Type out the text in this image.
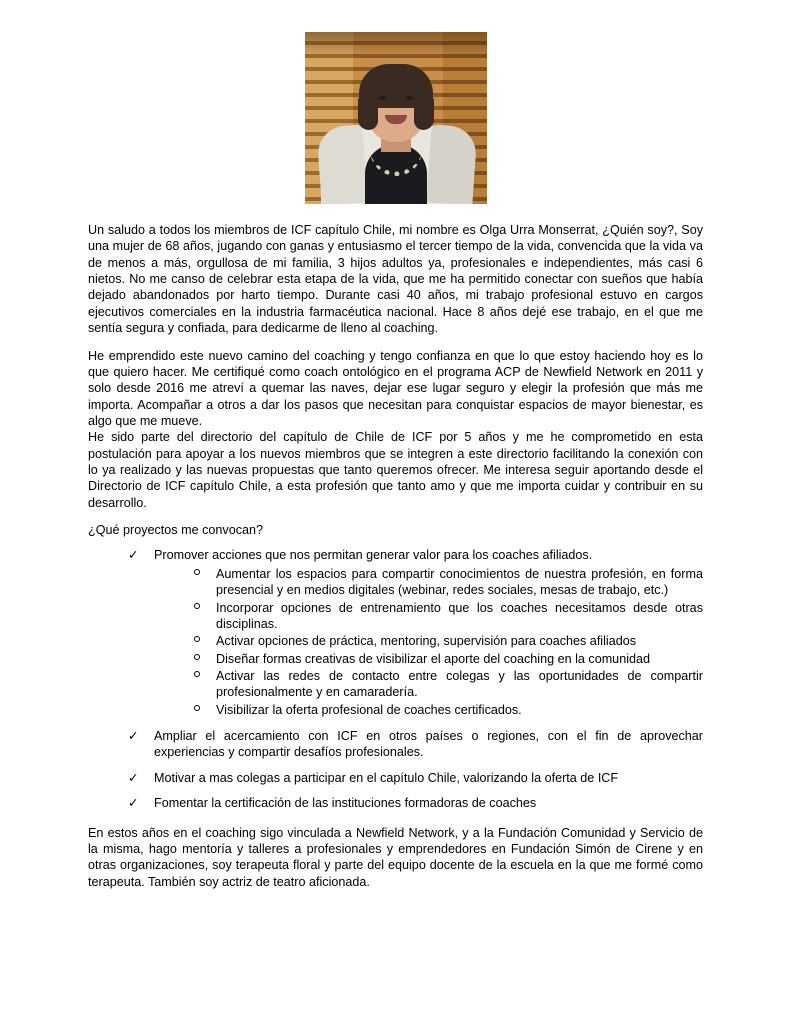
Un saludo a todos los miembros de ICF capítulo Chile, mi nombre es Olga Urra Monserrat, ¿Quién soy?, Soy una mujer de 68 años, jugando con ganas y entusiasmo el tercer tiempo de la vida, convencida que la vida va de menos a más, orgullosa de mi familia, 3 hijos adultos ya, profesionales e independientes, más casi 6 nietos. No me canso de celebrar esta etapa de la vida, que me ha permitido conectar con sueños que había dejado abandonados por harto tiempo. Durante casi 40 años, mi trabajo profesional estuvo en cargos ejecutivos comerciales en la industria farmacéutica nacional. Hace 8 años dejé ese trabajo, en el que me sentía segura y confiada, para dedicarme de lleno al coaching.

He emprendido este nuevo camino del coaching y tengo confianza en que lo que estoy haciendo hoy es lo que quiero hacer. Me certifiqué como coach ontológico en el programa ACP de Newfield Network en 2011 y solo desde 2016 me atreví a quemar las naves, dejar ese lugar seguro y elegir la profesión que más me importa. Acompañar a otros a dar los pasos que necesitan para conquistar espacios de mayor bienestar, es algo que me mueve.

He sido parte del directorio del capítulo de Chile de ICF por 5 años y me he comprometido en esta postulación para apoyar a los nuevos miembros que se integren a este directorio facilitando la conexión con lo ya realizado y las nuevas propuestas que tanto queremos ofrecer. Me interesa seguir aportando desde el Directorio de ICF capítulo Chile, a esta profesión que tanto amo y que me importa cuidar y contribuir en su desarrollo.

¿Qué proyectos me convocan?

✓ Promover acciones que nos permitan generar valor para los coaches afiliados.
Aumentar los espacios para compartir conocimientos de nuestra profesión, en forma presencial y en medios digitales (webinar, redes sociales, mesas de trabajo, etc.)
Incorporar opciones de entrenamiento que los coaches necesitamos desde otras disciplinas.
Activar opciones de práctica, mentoring, supervisión para coaches afiliados
Diseñar formas creativas de visibilizar el aporte del coaching en la comunidad
Activar las redes de contacto entre colegas y las oportunidades de compartir profesionalmente y en camaradería.
Visibilizar la oferta profesional de coaches certificados.
✓ Ampliar el acercamiento con ICF en otros países o regiones, con el fin de aprovechar experiencias y compartir desafíos profesionales.
✓ Motivar a mas colegas a participar en el capítulo Chile, valorizando la oferta de ICF
✓ Fomentar la certificación de las instituciones formadoras de coaches

En estos años en el coaching sigo vinculada a Newfield Network, y a la Fundación Comunidad y Servicio de la misma, hago mentoría y talleres a profesionales y emprendedores en Fundación Simón de Cirene y en otras organizaciones, soy terapeuta floral y parte del equipo docente de la escuela en la que me formé como terapeuta. También soy actriz de teatro aficionada.
